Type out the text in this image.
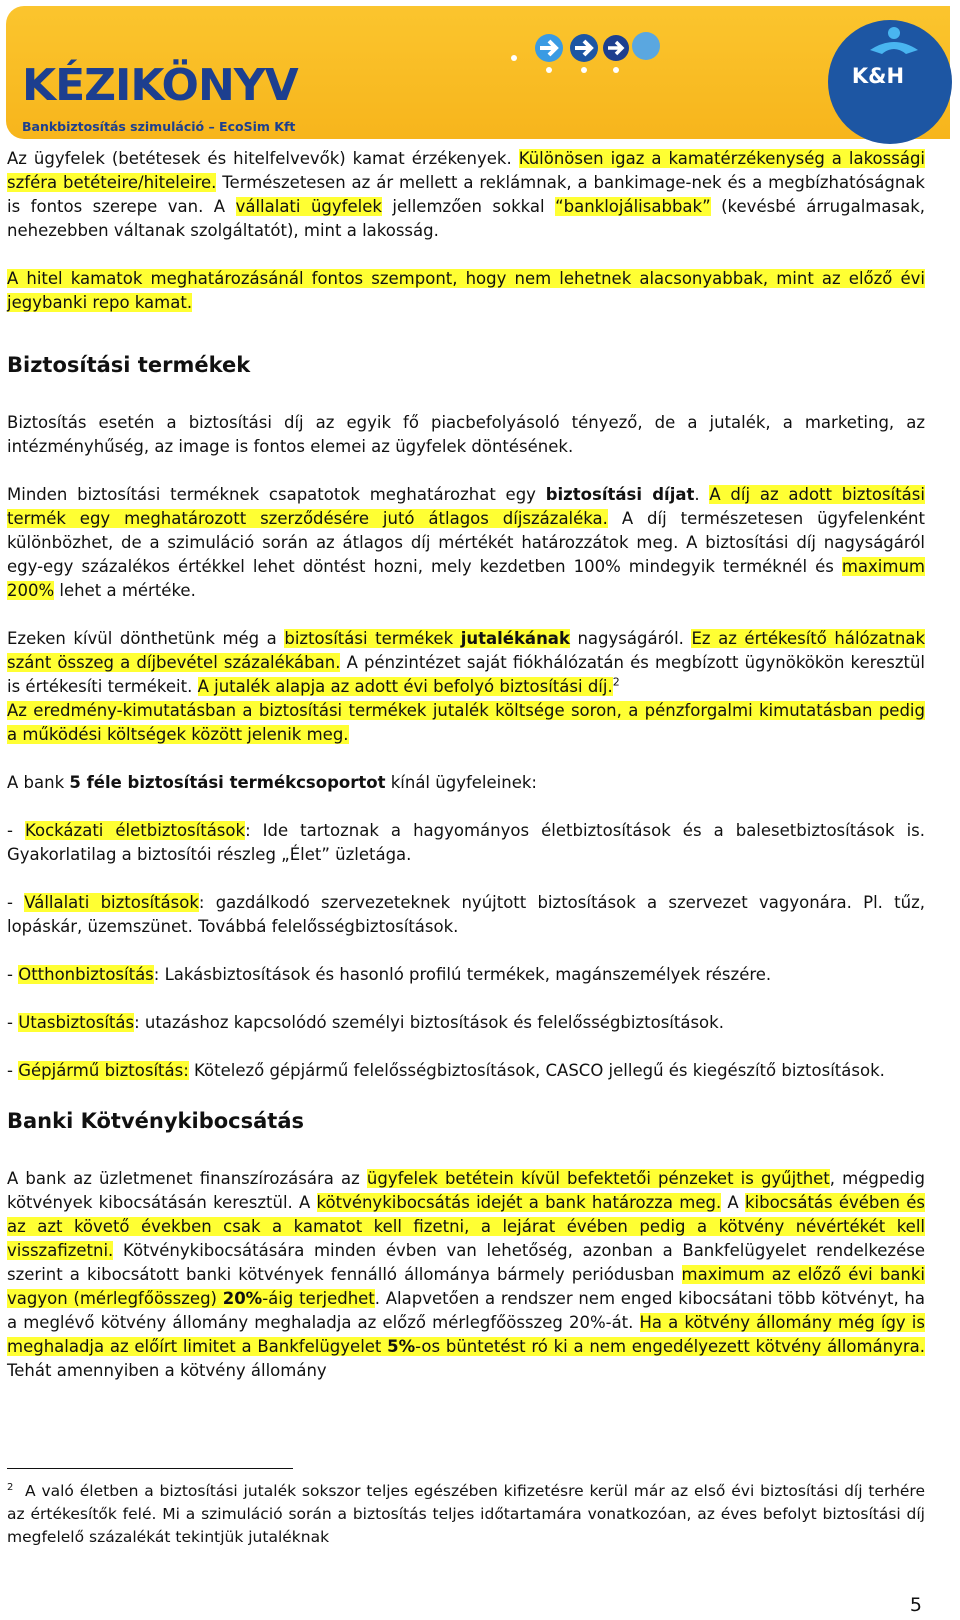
KÉZIKÖNYV
Bankbiztosítás szimuláció – EcoSim Kft
K&H

Az ügyfelek (betétesek és hitelfelvevők) kamat érzékenyek. Különösen igaz a kamatérzékenység a lakossági szféra betéteire/hiteleire. Természetesen az ár mellett a reklámnak, a bankimage-nek és a megbízhatóságnak is fontos szerepe van. A vállalati ügyfelek jellemzően sokkal “banklojálisabbak” (kevésbé árrugalmasak, nehezebben váltanak szolgáltatót), mint a lakosság.

A hitel kamatok meghatározásánál fontos szempont, hogy nem lehetnek alacsonyabbak, mint az előző évi jegybanki repo kamat.

Biztosítási termékek

Biztosítás esetén a biztosítási díj az egyik fő piacbefolyásoló tényező, de a jutalék, a marketing, az intézményhűség, az image is fontos elemei az ügyfelek döntésének.

Minden biztosítási terméknek csapatotok meghatározhat egy biztosítási díjat. A díj az adott biztosítási termék egy meghatározott szerződésére jutó átlagos díjszázaléka. A díj természetesen ügyfelenként különbözhet, de a szimuláció során az átlagos díj mértékét határozzátok meg. A biztosítási díj nagyságáról egy-egy százalékos értékkel lehet döntést hozni, mely kezdetben 100% mindegyik terméknél és maximum 200% lehet a mértéke.

Ezeken kívül dönthetünk még a biztosítási termékek jutalékának nagyságáról. Ez az értékesítő hálózatnak szánt összeg a díjbevétel százalékában. A pénzintézet saját fiókhálózatán és megbízott ügynökökön keresztül is értékesíti termékeit. A jutalék alapja az adott évi befolyó biztosítási díj.$^2$
Az eredmény-kimutatásban a biztosítási termékek jutalék költsége soron, a pénzforgalmi kimutatásban pedig a működési költségek között jelenik meg.

A bank 5 féle biztosítási termékcsoportot kínál ügyfeleinek:

- Kockázati életbiztosítások: Ide tartoznak a hagyományos életbiztosítások és a balesetbiztosítások is. Gyakorlatilag a biztosítói részleg „Élet” üzletága.

- Vállalati biztosítások: gazdálkodó szervezeteknek nyújtott biztosítások a szervezet vagyonára. Pl. tűz, lopáskár, üzemszünet. Továbbá felelősségbiztosítások.

- Otthonbiztosítás: Lakásbiztosítások és hasonló profilú termékek, magánszemélyek részére.

- Utasbiztosítás: utazáshoz kapcsolódó személyi biztosítások és felelősségbiztosítások.

- Gépjármű biztosítás: Kötelező gépjármű felelősségbiztosítások, CASCO jellegű és kiegészítő biztosítások.

Banki Kötvénykibocsátás

A bank az üzletmenet finanszírozására az ügyfelek betétein kívül befektetői pénzeket is gyűjthet, mégpedig kötvények kibocsátásán keresztül. A kötvénykibocsátás idejét a bank határozza meg. A kibocsátás évében és az azt követő években csak a kamatot kell fizetni, a lejárat évében pedig a kötvény névértékét kell visszafizetni. Kötvénykibocsátására minden évben van lehetőség, azonban a Bankfelügyelet rendelkezése szerint a kibocsátott banki kötvények fennálló állománya bármely periódusban maximum az előző évi banki vagyon (mérlegfőösszeg) 20%-áig terjedhet. Alapvetően a rendszer nem enged kibocsátani több kötvényt, ha a meglévő kötvény állomány meghaladja az előző mérlegfőösszeg 20%-át. Ha a kötvény állomány még így is meghaladja az előírt limitet a Bankfelügyelet 5%-os büntetést ró ki a nem engedélyezett kötvény állományra. Tehát amennyiben a kötvény állomány

$^2$ A való életben a biztosítási jutalék sokszor teljes egészében kifizetésre kerül már az első évi biztosítási díj terhére az értékesítők felé. Mi a szimuláció során a biztosítás teljes időtartamára vonatkozóan, az éves befolyt biztosítási díj megfelelő százalékát tekintjük jutaléknak
5
